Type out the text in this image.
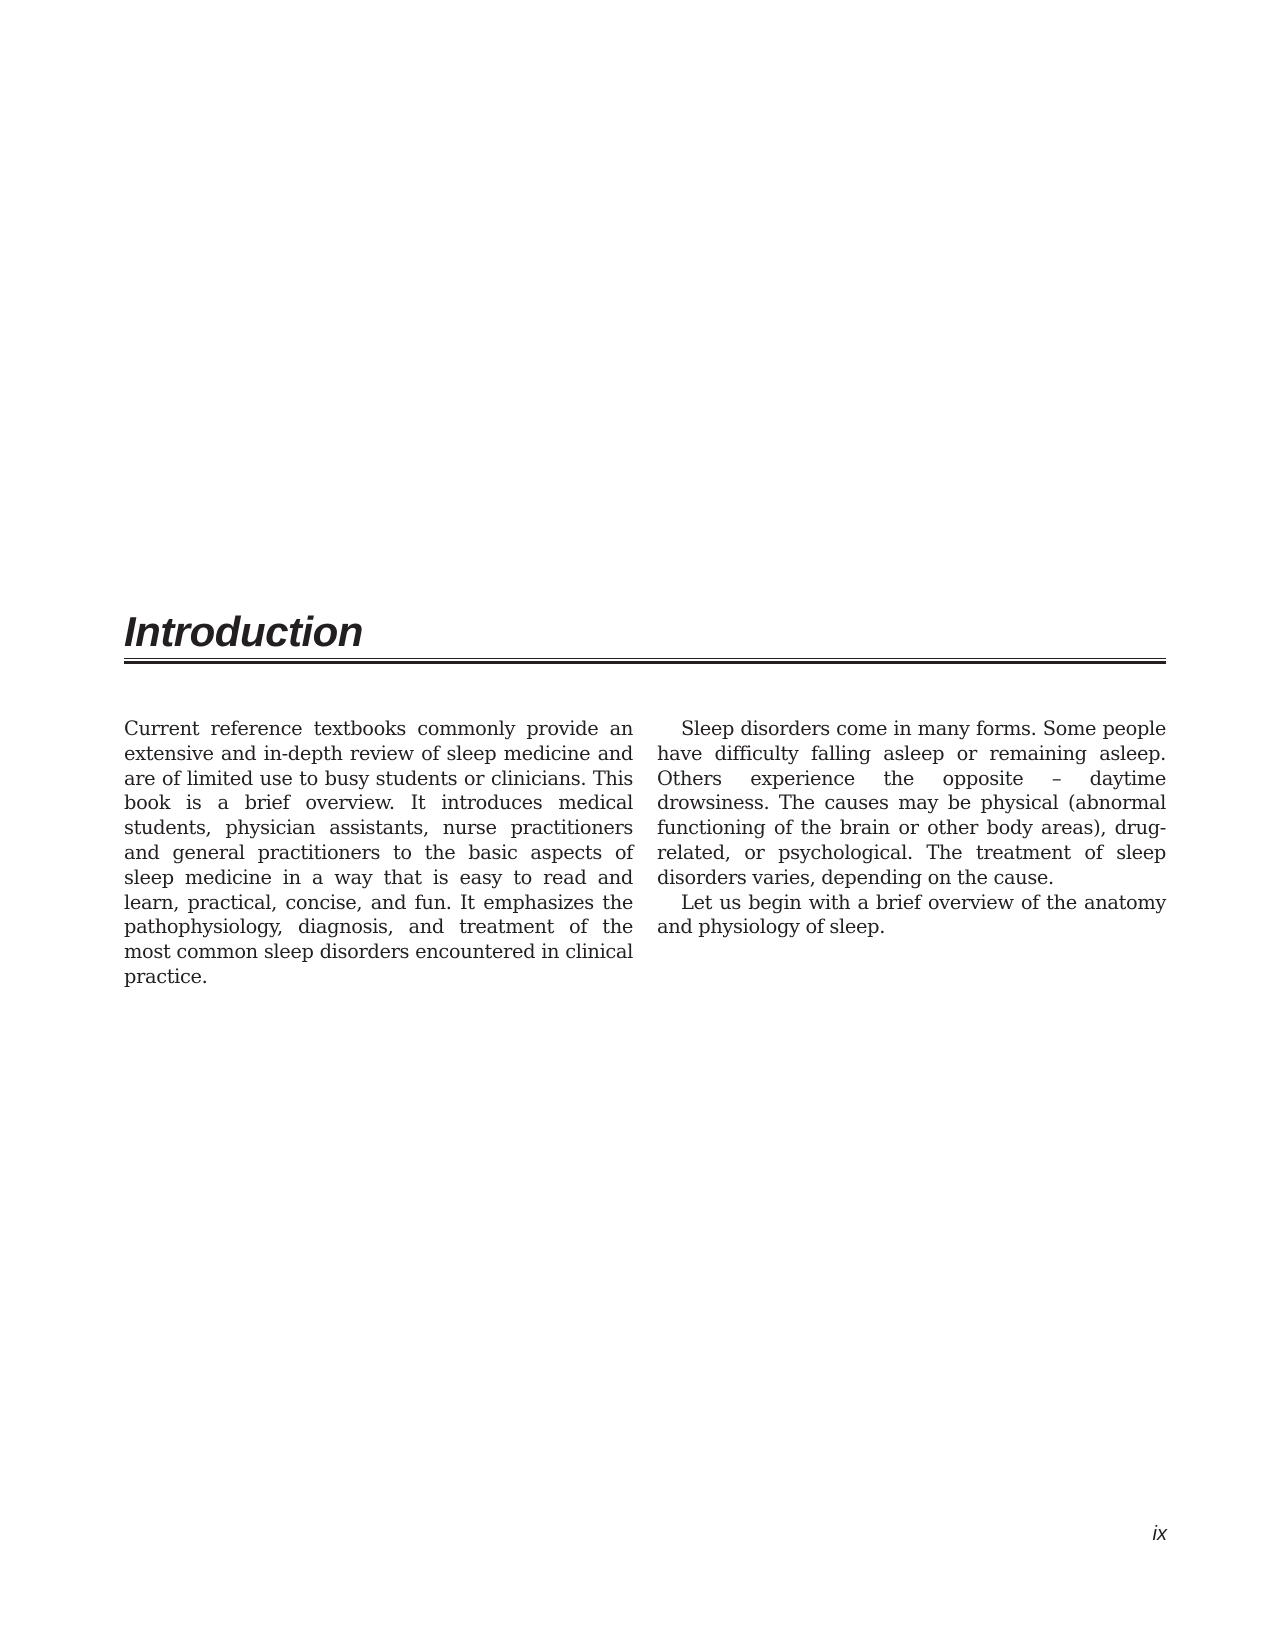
Introduction

Current reference textbooks commonly provide an extensive and in-depth review of sleep medicine and are of limited use to busy students or clinicians. This book is a brief overview. It introduces medical students, physician assistants, nurse practitioners and general practitioners to the basic aspects of sleep medicine in a way that is easy to read and learn, practical, concise, and fun. It emphasizes the pathophysiology, diagnosis, and treatment of the most common sleep disorders encountered in clinical practice.

Sleep disorders come in many forms. Some people have difficulty falling asleep or remaining asleep. Others experience the opposite – daytime drowsiness. The causes may be physical (abnormal functioning of the brain or other body areas), drug-related, or psychological. The treatment of sleep disorders varies, depending on the cause.

Let us begin with a brief overview of the anatomy and physiology of sleep.

ix
